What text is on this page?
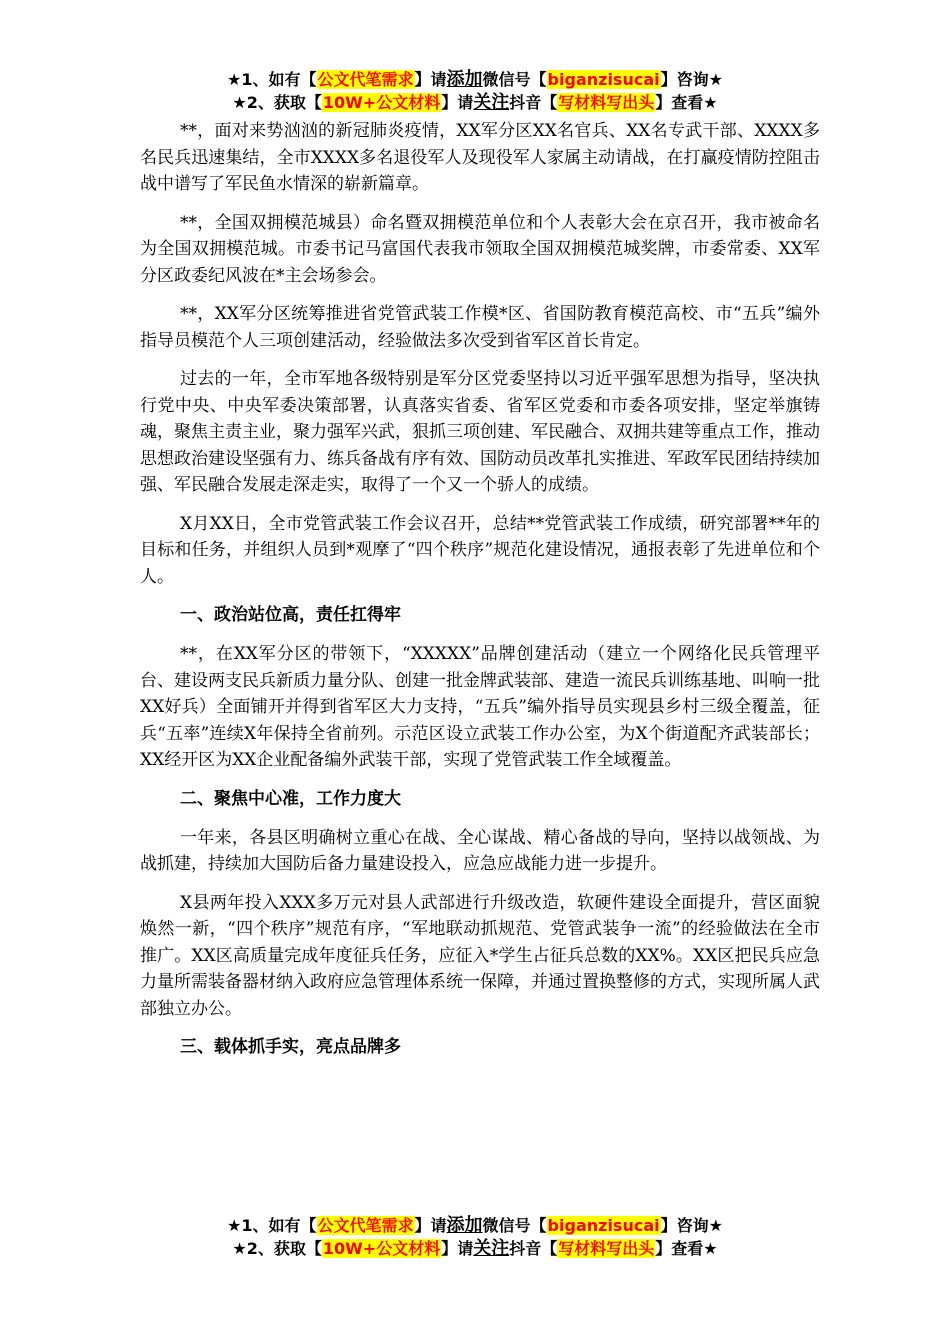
★1、如有【公文代笔需求】请添加微信号【biganzisucai】咨询★
★2、获取【10W+公文材料】请关注抖音【写材料写出头】查看★

**，面对来势汹汹的新冠肺炎疫情，XX军分区XX名官兵、XX名专武干部、XXXX多名民兵迅速集结，全市XXXX多名退役军人及现役军人家属主动请战，在打赢疫情防控阻击战中谱写了军民鱼水情深的崭新篇章。

**，全国双拥模范城县）命名暨双拥模范单位和个人表彰大会在京召开，我市被命名为全国双拥模范城。市委书记马富国代表我市领取全国双拥模范城奖牌，市委常委、XX军分区政委纪风波在*主会场参会。

**，XX军分区统筹推进省党管武装工作模*区、省国防教育模范高校、市“五兵”编外指导员模范个人三项创建活动，经验做法多次受到省军区首长肯定。

过去的一年，全市军地各级特别是军分区党委坚持以习近平强军思想为指导，坚决执行党中央、中央军委决策部署，认真落实省委、省军区党委和市委各项安排，坚定举旗铸魂，聚焦主责主业，聚力强军兴武，狠抓三项创建、军民融合、双拥共建等重点工作，推动思想政治建设坚强有力、练兵备战有序有效、国防动员改革扎实推进、军政军民团结持续加强、军民融合发展走深走实，取得了一个又一个骄人的成绩。

X月XX日，全市党管武装工作会议召开，总结**党管武装工作成绩，研究部署**年的目标和任务，并组织人员到*观摩了“四个秩序”规范化建设情况，通报表彰了先进单位和个人。

一、政治站位高，责任扛得牢

**，在XX军分区的带领下，“XXXXX”品牌创建活动（建立一个网络化民兵管理平台、建设两支民兵新质力量分队、创建一批金牌武装部、建造一流民兵训练基地、叫响一批XX好兵）全面铺开并得到省军区大力支持，“五兵”编外指导员实现县乡村三级全覆盖，征兵“五率”连续X年保持全省前列。示范区设立武装工作办公室，为X个街道配齐武装部长；XX经开区为XX企业配备编外武装干部，实现了党管武装工作全域覆盖。

二、聚焦中心准，工作力度大

一年来，各县区明确树立重心在战、全心谋战、精心备战的导向，坚持以战领战、为战抓建，持续加大国防后备力量建设投入，应急应战能力进一步提升。

X县两年投入XXX多万元对县人武部进行升级改造，软硬件建设全面提升，营区面貌焕然一新，“四个秩序”规范有序，“军地联动抓规范、党管武装争一流”的经验做法在全市推广。XX区高质量完成年度征兵任务，应征入*学生占征兵总数的XX%。XX区把民兵应急力量所需装备器材纳入政府应急管理体系统一保障，并通过置换整修的方式，实现所属人武部独立办公。

三、载体抓手实，亮点品牌多

★1、如有【公文代笔需求】请添加微信号【biganzisucai】咨询★
★2、获取【10W+公文材料】请关注抖音【写材料写出头】查看★
